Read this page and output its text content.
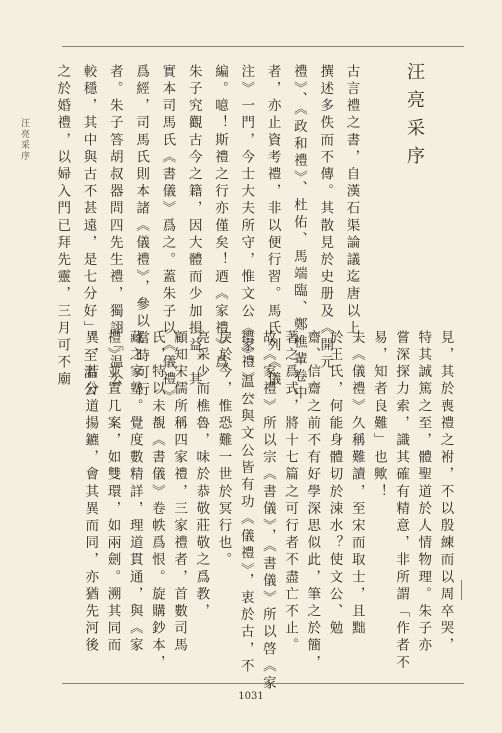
汪亮采序	汪亮采序
古言禮之書，自漢石渠論議迄唐以上，
撰述多佚而不傳。其散見於史册及《開元
禮》、《政和禮》、杜佑、馬端臨、鄭樵輩卷中
者，亦止資考禮，非以便行習。馬氏列《儀
注》一門，今士大夫所守，惟文公《家禮》一
編。噫！斯禮之行亦僅矣！迺《家禮》爲
朱子究觀古今之籍，因大體而少加損益，其
實本司馬氏《書儀》爲之。蓋朱子以《儀禮》
爲經，司馬氏則本諸《儀禮》，參以當時可行
者。朱子答胡叔器問四先生禮，獨詡「温公
較穩，其中與古不甚遠，是七分好」。至温公
之於婚禮，以婦入門已拜先靈，三月可不廟
見，其於喪禮之袝，不以殷練而以周卒哭，
特其誠篤之至，體聖道於人情物理。朱子亦
嘗深探力索，識其確有精意，非所謂「作者不
易，知者良難」也歟！
夫《儀禮》久稱難讀，至宋而取士，且黜
於王氏，何能身體切於涑水？使文公、勉
齋、信齋之前不有好學深思似此，筆之於簡，
著之爲式，將十七篇之可行者不盡亡不止。
故《家禮》所以宗《書儀》，《書儀》所以啓《家
禮》，温公與文公皆有功《儀禮》，衷於古，不
戾於今，惟恐難一世於冥行也。
亮采少而樵魯，味於恭敬莊敬之爲教，
顧知宋儒所稱四家禮，三家禮者，首數司馬
氏，特以未覩《書儀》卷帙爲恨。旋購鈔本，
藏之家塾。覺度數精詳，理道貫通，與《家
禮》並置几案，如雙環，如兩劍。溯其同而
異，若分道揚鑣，會其異而同，亦猶先河後
1031
